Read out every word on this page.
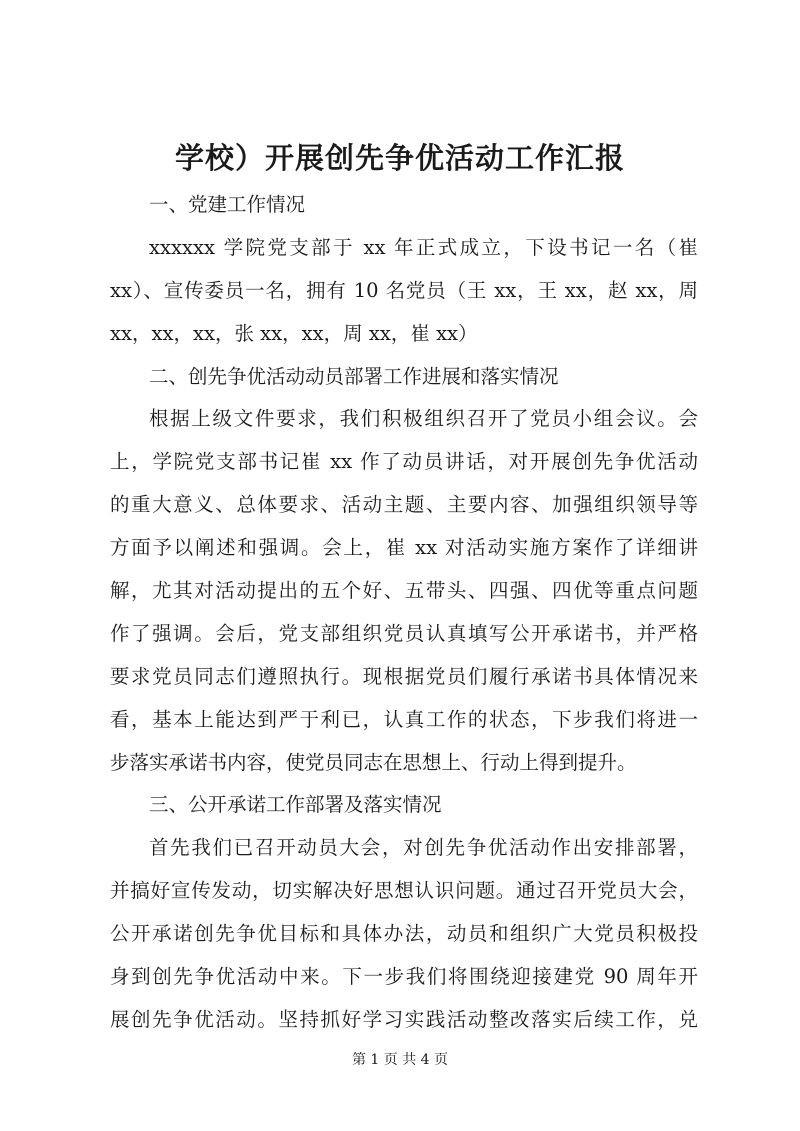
学校）开展创先争优活动工作汇报
一、党建工作情况
xxxxxx 学院党支部于 xx 年正式成立，下设书记一名（崔
xx）、宣传委员一名，拥有 10 名党员（王 xx，王 xx，赵 xx，周
xx，xx，xx，张 xx，xx，周 xx，崔 xx）
二、创先争优活动动员部署工作进展和落实情况
根据上级文件要求，我们积极组织召开了党员小组会议。会
上，学院党支部书记崔 xx 作了动员讲话，对开展创先争优活动
的重大意义、总体要求、活动主题、主要内容、加强组织领导等
方面予以阐述和强调。会上，崔 xx 对活动实施方案作了详细讲
解，尤其对活动提出的五个好、五带头、四强、四优等重点问题
作了强调。会后，党支部组织党员认真填写公开承诺书，并严格
要求党员同志们遵照执行。现根据党员们履行承诺书具体情况来
看，基本上能达到严于利已，认真工作的状态，下步我们将进一
步落实承诺书内容，使党员同志在思想上、行动上得到提升。
三、公开承诺工作部署及落实情况
首先我们已召开动员大会，对创先争优活动作出安排部署，
并搞好宣传发动，切实解决好思想认识问题。通过召开党员大会，
公开承诺创先争优目标和具体办法，动员和组织广大党员积极投
身到创先争优活动中来。下一步我们将围绕迎接建党 90 周年开
展创先争优活动。坚持抓好学习实践活动整改落实后续工作，兑
第 1 页 共 4 页
